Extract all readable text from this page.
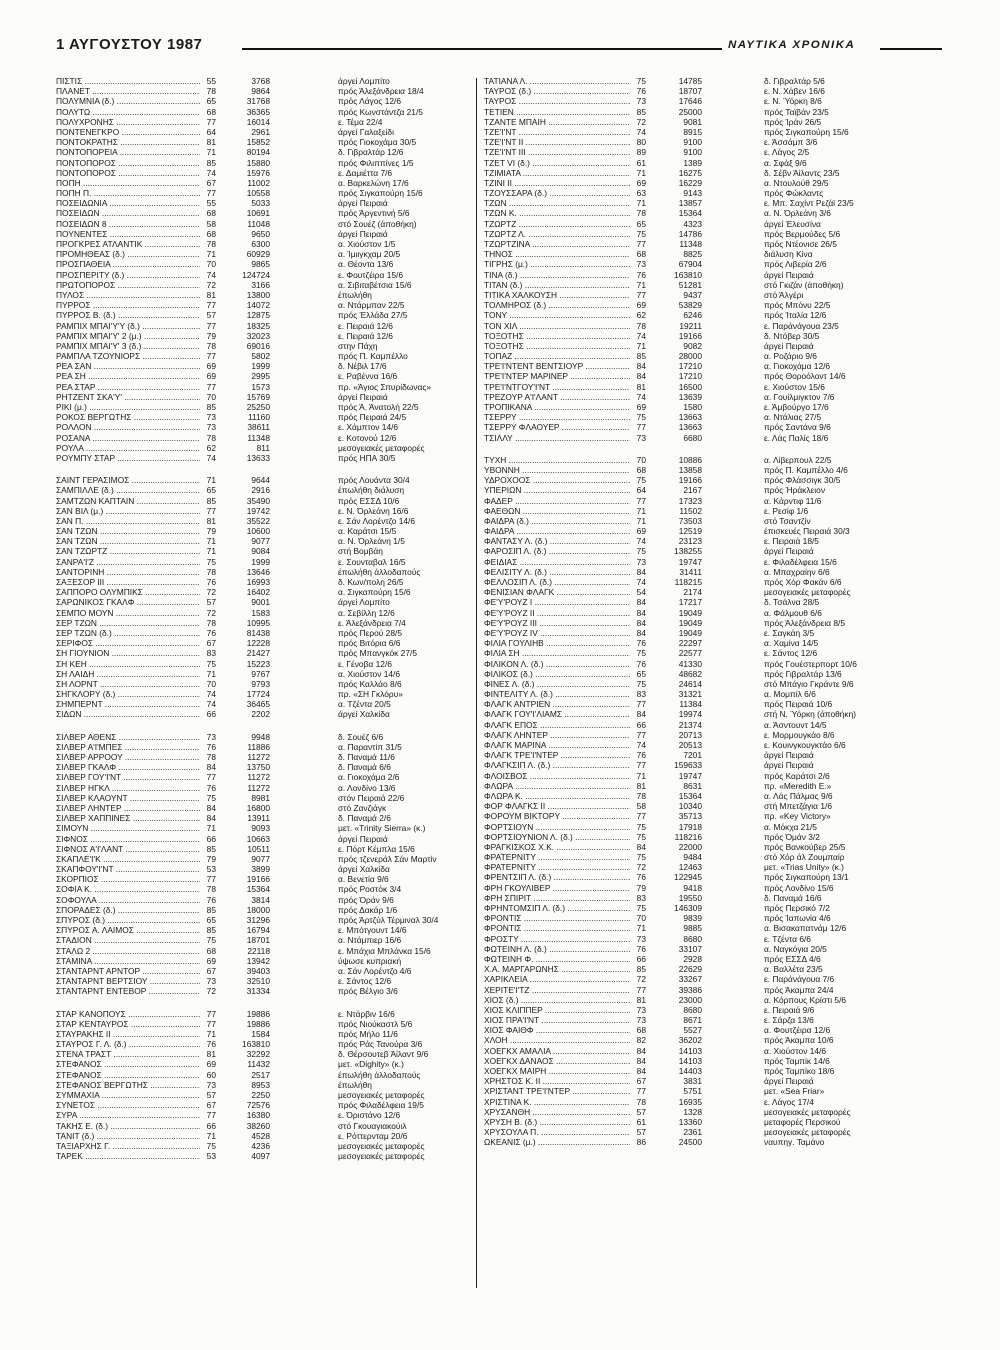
1 ΑΥΓΟΥΣΤΟΥ 1987	ΝΑΥΤΙΚΑ ΧΡΟΝΙΚΑ
ΠΙΣΤΙΣ .....	55	3768	άργεί Λομπίτο
ΠΛΑΝΕΤ .....	78	9864	πρός Άλεξάνδρεια 18/4
ΠΟΛΥΜΝΙΑ (δ.) .....	65	31768	πρός Λάγος 12/6
ΠΟΛΥΤΩ .....	68	36365	πρός Κωνστάντζα 21/5
ΠΟΛΥΧΡΟΝΗΣ .....	77	16014	ε. Τέμα 22/4
ΠΟΝΤΕΝΕΓΚΡΟ .....	64	2961	άργεί Γαλαξείδι
ΠΟΝΤΟΚΡΑΤΗΣ .....	81	15852	πρός Γιοκοχάμα 30/5
ΠΟΝΤΟΠΟΡΕΙΑ .....	71	80194	δ. Γιβραλτάρ 12/6
ΠΟΝΤΟΠΟΡΟΣ .....	85	15880	πρός Φιλιππίνες 1/5
ΠΟΝΤΟΠΟΡΟΣ .....	74	15976	ε. Δαμιέττα 7/6
ΠΟΠΗ .....	67	11002	α. Βαρκελώνη 17/6
ΠΟΠΗ Π. .....	77	10558	πρός Σιγκαπούρη 15/6
ΠΟΣΕΙΔΩΝΙΑ .....	55	5033	άργεί Πειραιά
ΠΟΣΕΙΔΩΝ .....	68	10691	πρός Άργεντινή 5/6
ΠΟΣΕΙΔΩΝ 8 .....	58	11048	στό Σουέζ (άποθήκη)
ΠΟΥΝΕΝΤΕΣ .....	68	9650	άργεί Πειραιά
ΠΡΟΓΚΡΕΣ ΑΤΛΑΝΤΙΚ .....	78	6300	α. Χιούστον 1/5
ΠΡΟΜΗΘΕΑΣ (δ.) .....	71	60929	α. Ίμιιγκχαμ 20/5
ΠΡΟΣΠΑΘΕΙΑ .....	70	9865	α. Θέοντα 13/6
ΠΡΟΣΠΕΡΙΤΥ (δ.) .....	74	124724	ε. Φουτζέιρα 15/6
ΠΡΩΤΟΠΟΡΟΣ .....	72	3166	α. Σιβιταβέτσια 15/6
ΠΥΛΟΣ .....	81	13800	έπωλήθη
ΠΥΡΡΟΣ .....	77	14072	α. Ντάρμπαν 22/5
ΠΥΡΡΟΣ Β. (δ.) .....	57	12875	πρός Έλλάδα 27/5
ΡΑΜΠΙΧ ΜΠΑΙ'Υ'Υ (δ.) .....	77	18325	ε. Πειραιά 12/6
ΡΑΜΠΙΧ ΜΠΑΙ'Υ' 2 (μ.) .....	79	32023	ε. Πειραιά 12/6
ΡΑΜΠΙΧ ΜΠΑΙ'Υ' 3 (δ.) .....	78	69016	στην Πάχη
ΡΑΜΠΛΑ ΤΖΟΥΝΙΟΡΣ .....	77	5802	πρός Π. Καμπέλλο
ΡΕΑ ΣΑΝ .....	69	1999	δ. Νέβιλ 17/6
ΡΕΑ ΣΗ .....	69	2995	ε. Ραβέννα 16/6
ΡΕΑ ΣΤΑΡ .....	77	1573	πρ. «Άγιος Σπυρίδωνας»
ΡΗΤΖΕΝΤ ΣΚΑ'Υ' .....	70	15769	άργεί Πειραιά
ΡΙΚΙ (μ.) .....	85	25250	πρός Ά. Άνατολή 22/5
ΡΟΚΟΣ ΒΕΡΓΩΤΗΣ .....	73	11160	πρός Πειραιά 24/5
ΡΟΛΛΟΝ .....	73	38611	ε. Χάμπτον 14/6
ΡΟΣΑΝΑ .....	78	11348	ε. Κοτονού 12/6
ΡΟΥΛΑ .....	62	811	μεσογειακές μεταφορές
ΡΟΥΜΠΥ ΣΤΑΡ .....	74	13633	πρός ΗΠΑ 30/5
ΣΑΙΝΤ ΓΕΡΑΣΙΜΟΣ .....	71	9644	πρός Λουάντα 30/4
ΣΑΜΠΙΛΛΕ (δ.) .....	65	2916	έπωλήθη διάλυση
ΣΑΜΤΖΩΝ ΚΑΠΤΑΙΝ .....	85	35490	πρός ΕΣΣΔ 10/6
ΣΑΝ ΒΙΛ (μ.) .....	77	19742	ε. Ν. Όρλεάνη 16/6
ΣΑΝ Π. .....	81	35522	ε. Σάν Λορέντζο 14/6
ΣΑΝ ΤΖΩΝ .....	79	10600	α. Καράτσι 15/5
ΣΑΝ ΤΖΩΝ .....	71	9077	α. Ν. Όρλεάνη 1/5
ΣΑΝ ΤΖΩΡΤΖ .....	71	9084	στή Βομβάη
ΣΑΝΡΑ'Ι'Ζ .....	75	1999	ε. Σουνταβαλ 16/5
ΣΑΝΤΟΡΙΝΗ .....	78	13646	έπωλήθη άλλοδαπούς
ΣΑΞΕΣΟΡ ΙΙΙ .....	76	16993	δ. Κων/πολη 26/5
ΣΑΠΠΟΡΟ ΟΛΥΜΠΙΚΣ .....	72	16402	α. Σιγκαπούρη 15/6
ΣΑΡΩΝΙΚΟΣ ΓΚΑΛΦ .....	57	9001	άργεί Λομπίτο
ΣΕΜΠΟ ΜΟΥΝ .....	72	1583	α. Σεβίλλη 12/6
ΣΕΡ ΤΖΩΝ .....	78	10995	ε. Άλεξάνδρεια 7/4
ΣΕΡ ΤΖΩΝ (δ.) .....	76	81438	πρός Περού 28/5
ΣΕΡΙΦΟΣ .....	67	12228	πρός Βιτόρια 6/6
ΣΗ ΓΙΟΥΝΙΟΝ .....	83	21427	πρός Μπανγκόκ 27/5
ΣΗ ΚΕΗ .....	75	15223	ε. Γένοβα 12/6
ΣΗ ΛΑΙΔΗ .....	71	9767	α. Χιούστον 14/6
ΣΗ ΛΟΡΝΤ .....	70	9793	πρός Καλλάο 8/6
ΣΗΓΚΛΟΡΥ (δ.) .....	74	17724	πρ. «ΣΗ Γκλόρυ»
ΣΗΜΠΕΡΝΤ .....	74	36465	α. Τζέντα 20/5
ΣΙΔΩΝ .....	66	2202	άργεί Χαλκίδα
ΣΙΛΒΕΡ ΑΘΕΝΣ .....	73	9948	δ. Σουέζ 6/6
ΣΙΛΒΕΡ Α'Ι'ΜΠΕΣ .....	76	11886	α. Παραντίπ 31/5
ΣΙΛΒΕΡ ΑΡΡΟΟΥ .....	78	11272	δ. Παναμά 11/6
ΣΙΛΒΕΡ ΓΚΑΛΦ .....	84	13750	δ. Παναμά 6/6
ΣΙΛΒΕΡ ΓΟΥ'Ι'ΝΤ .....	77	11272	α. Γιοκοχάμα 2/6
ΣΙΛΒΕΡ ΗΓΚΛ .....	76	11272	α. Λονδίνο 13/6
ΣΙΛΒΕΡ ΚΛΑΟΥΝΤ .....	75	8981	στόν Πειραιά 22/6
ΣΙΛΒΕΡ ΛΗΝΤΕΡ .....	84	16800	στό Ζανζιάγκ
ΣΙΛΒΕΡ ΧΑΠΠΙΝΕΣ .....	84	13911	δ. Παναμά 2/6
ΣΙΜΟΥΝ .....	71	9093	μετ. «Trinity Sierra» (κ.)
ΣΙΦΝΟΣ .....	66	10663	άργεί Πειραιά
ΣΙΦΝΟΣ Α'Ι'ΛΑΝΤ .....	85	10511	ε. Πόρτ Κέμπλα 15/6
ΣΚΑΠΛΕ'Ι'Κ .....	79	9077	πρός τζενεράλ Σάν Μαρτίν
ΣΚΑΠΦΟΥ'Ι'ΝΤ .....	53	3899	άργεί Χαλκίδα
ΣΚΟΡΠΙΟΣ .....	77	19166	α. Βενετία 9/6
ΣΟΦΙΑ Κ. .....	78	15364	πρός Ροστόκ 3/4
ΣΟΦΟΥΛΑ .....	76	3814	πρός Όράν 9/6
ΣΠΟΡΑΔΕΣ (δ.) .....	85	18000	πρός Δακάρ 1/6
ΣΠΥΡΟΣ (δ.) .....	65	31296	πρός Άρτζύλ Τέρμιναλ 30/4
ΣΠΥΡΟΣ Α. ΛΑΙΜΟΣ .....	85	16794	ε. Μπότγουντ 14/6
ΣΤΑΔΙΟΝ .....	75	18701	α. Ντάμπιερ 16/6
ΣΤΑΛΩ 2 .....	68	22118	ε. Μπάχια Μπλάνκα 15/6
ΣΤΑΜΙΝΑ .....	69	13942	ύψωσε κυπριακή
ΣΤΑΝΤΑΡΝΤ ΑΡΝΤΟΡ .....	67	39403	α. Σάν Λορέντζο 4/6
ΣΤΑΝΤΑΡΝΤ ΒΕΡΤΣΙΟΥ .....	73	32510	ε. Σάντος 12/6
ΣΤΑΝΤΑΡΝΤ ΕΝΤΕΒΟΡ .....	72	31334	πρός Βέλγιο 3/6
ΣΤΑΡ ΚΑΝΟΠΟΥΣ .....	77	19886	ε. Ντάρβιν 16/6
ΣΤΑΡ ΚΕΝΤΑΥΡΟΣ .....	77	19886	πρός Νιούκαστλ 5/6
ΣΤΑΥΡΑΚΗΣ ΙΙ .....	71	1584	πρός Μήλο 11/6
ΣΤΑΥΡΟΣ Γ. Λ. (δ.) .....	76	163810	πρός Ράς Τανούρα 3/6
ΣΤΕΝΑ ΤΡΑΣΤ .....	81	32292	δ. Θέρσουτεβ Άίλαντ 9/6
ΣΤΕΦΑΝΟΣ .....	69	11432	μετ. «Dighity» (κ.)
ΣΤΕΦΑΝΟΣ .....	60	2517	έπωλήθη άλλοδαπούς
ΣΤΕΦΑΝΟΣ ΒΕΡΓΩΤΗΣ .....	73	8953	έπωλήθη
ΣΥΜΜΑΧΙΑ .....	57	2250	μεσογειακές μεταφορές
ΣΥΝΕΤΟΣ .....	67	72576	πρός Φιλαδέλφεια 19/5
ΣΥΡΑ .....	77	16380	ε. Όριστάνο 12/6
ΤΑΚΗΣ Ε. (δ.) .....	66	38260	στό Γκουαγιακούιλ
ΤΑΝΙΤ (δ.) .....	71	4528	ε. Ρόττερνταμ 20/6
ΤΑΞΙΑΡΧΗΣ Γ. .....	75	4236	μεσογειακές μεταφορές
ΤΑΡΕΚ .....	53	4097	μεσογειακές μεταφορές
ΤΑΤΙΑΝΑ Λ. .....	75	14785	δ. Γιβραλτάρ 5/6
ΤΑΥΡΟΣ (δ.) .....	76	18707	ε. Ν. Χάβεν 16/6
ΤΑΥΡΟΣ .....	73	17646	ε. Ν. Ύόρκη 8/6
ΤΕΤΙΕΝ .....	85	25000	πρός Ταϊβάν 23/5
ΤΖΑΝΤΕ ΜΠΑΙΗ .....	72	9081	πρός Ίράν 26/5
ΤΖΕ'Ι'ΝΤ .....	74	8915	πρός Σιγκαπούρη 15/6
ΤΖΕ'Ι'ΝΤ ΙΙ .....	80	9100	ε. Άσσάμπ 3/6
ΤΖΕ'Ι'ΝΤ ΙΙΙ .....	89	9100	ε. Λάγος 2/5
ΤΖΕΤ VI (δ.) .....	61	1389	α. Σφάξ 9/6
ΤΖΙΜΙΑΤΑ .....	71	16275	δ. Σέβν Άίλαντς 23/5
ΤΖΙΝΙ ΙΙ .....	69	16229	α. Ντουλούθ 29/5
ΤΖΟΥΣΣΑΡΑ (δ.) .....	63	9143	πρός Φώκλαντς
ΤΖΩΝ .....	71	13857	ε. Μπ. Σαχίντ Ρεζάϊ 23/5
ΤΖΩΝ Κ. .....	78	15364	α. Ν. Όρλεάνη 3/6
ΤΖΩΡΤΖ .....	65	4323	άργεί Έλευσίνα
ΤΖΩΡΤΖ Λ. .....	75	14786	πρός Βερμούδες 5/6
ΤΖΩΡΤΖΙΝΑ .....	77	11348	πρός Ντέονισε 26/5
ΤΗΝΟΣ .....	68	8825	διάλυση Κίνα
ΤΙΓΡΗΣ (μ.) .....	73	67904	πρός Λιβερία 2/6
ΤΙΝΑ (δ.) .....	76	163810	άργεί Πειραιά
ΤΙΤΑΝ (δ.) .....	71	51281	στό Γκιζάν (άποθήκη)
ΤΙΤΙΚΑ ΧΑΛΚΟΥΣΗ .....	77	9437	στό Άλγέρι
ΤΟΛΜΗΡΟΣ (δ.) .....	69	53829	πρός Μπόνυ 22/5
ΤΟΝΥ .....	62	6246	πρός Ίταλία 12/6
ΤΟΝ ΧΙΛ .....	78	19211	ε. Παράνάγουα 23/5
ΤΟΞΟΤΗΣ .....	74	19166	δ. Ντόβερ 30/5
ΤΟΞΟΤΗΣ .....	71	9082	άργεί Πειραιά
ΤΟΠΑΖ .....	85	28000	α. Ροζάριο 9/6
ΤΡΕ'Ι'ΝΤΕΝΤ ΒΕΝΤΣΙΟΥΡ .....	84	17210	α. Γιοκοχάμα 12/6
ΤΡΕ'Ι'ΝΤΕΡ ΜΑΡΙΝΕΡ .....	84	17210	πρός Θοροόλοντ 14/6
ΤΡΕ'Ι'ΝΤΓΟΥ'Ι'ΝΤ .....	81	16500	ε. Χιούστον 15/6
ΤΡΕΖΟΥΡ Α'Ι'ΛΑΝΤ .....	74	13639	α. Γουίλμιγκτον 7/6
ΤΡΟΠΙΚΑΝΑ .....	69	1580	ε. Άμβούργο 17/6
ΤΣΕΡΡΥ .....	75	13663	α. Ντάλιας 27/5
ΤΣΕΡΡΥ ΦΛΑΟΥΕΡ .....	77	13663	πρός Σαντάνα 9/6
ΤΣΙΛΛΥ .....	73	6680	ε. Λάς Παλίς 18/6
ΤΥΧΗ .....	70	10886	α. Λίβερπουλ 22/5
ΥΒΟΝΝΗ .....	68	13858	πρός Π. Καμπέλλο 4/6
ΥΔΡΟΧΟΟΣ .....	75	19166	πρός Φλάσσιγκ 30/5
ΥΠΕΡΙΩΝ .....	64	2167	πρός Ήράκλειον
ΦΑΔΕΡ .....	77	17323	α. Κάρντιφ 11/6
ΦΑΕΘΩΝ .....	71	11502	ε. Ρεσίφ 1/6
ΦΑΙΔΡΑ (δ.) .....	71	73503	στό Τσαντζίν
ΦΑΙΔΡΑ .....	69	12519	έπισκευές Πειραιά 30/3
ΦΑΝΤΑΣΥ Λ. (δ.) .....	74	23123	ε. Πειραιά 18/5
ΦΑΡΟΣΙΠ Λ. (δ.) .....	75	138255	άργεί Πειραιά
ΦΕΙΔΙΑΣ .....	73	19747	ε. Φιλαδέλφεια 15/6
ΦΕΛΙΣΙΤΥ Λ. (δ.) .....	84	31411	α. Μπαχραίην 6/6
ΦΕΛΛΟΣΙΠ Λ. (δ.) .....	74	118215	πρός Χόρ Φακάν 6/6
ΦΕΝΙΣΙΑΝ ΦΛΑΓΚ .....	54	2174	μεσογειακές μεταφορές
ΦΕ'Υ'ΡΟΥΖ Ι .....	84	17217	δ. Τσάλνα 28/5
ΦΕ'Υ'ΡΟΥΖ ΙΙ .....	84	19049	α. Φάλμουθ 6/6
ΦΕ'Υ'ΡΟΥΖ ΙΙΙ .....	84	19049	πρός Άλεξάνδρεια 8/5
ΦΕ'Υ'ΡΟΥΖ IV .....	84	19049	ε. Σαγκάη 3/5
ΦΙΛΙΑ ΓΟΥΛΙΗΒ .....	76	22297	α. Χαμίνα 14/5
ΦΙΛΙΑ ΣΗ .....	75	22577	ε. Σάντος 12/6
ΦΙΛΙΚΟΝ Λ. (δ.) .....	76	41330	πρός Γουέστερπορτ 10/6
ΦΙΛΙΚΟΣ (δ.) .....	65	48682	πρός Γιβραλτάρ 13/6
ΦΙΝΕΣ Λ. (δ.) .....	75	24614	στό Μπάγιο Γκράντε 9/6
ΦΙΝΤΕΛΙΤΥ Λ. (δ.) .....	83	31321	α. Μομπίλ 6/6
ΦΛΑΓΚ ΑΝΤΡΙΕΝ .....	77	11384	πρός Πειραιά 10/6
ΦΛΑΓΚ ΓΟΥ'Ι'ΛΙΑΜΣ .....	84	19974	στή Ν. Ύόρκη (άποθήκη)
ΦΛΑΓΚ ΕΠΟΣ .....	66	21374	α. Άσντουντ 14/5
ΦΛΑΓΚ ΛΗΝΤΕΡ .....	77	20713	ε. Μορμουγκάο 8/6
ΦΛΑΓΚ ΜΑΡΙΝΑ .....	74	20513	ε. Κουινγκουγκτάο 6/6
ΦΛΑΓΚ ΤΡΕ'Ι'ΝΤΕΡ .....	76	7201	άργεί Πειραιά
ΦΛΑΓΚΣΙΠ Λ. (δ.) .....	77	159633	άργεί Πειραιά
ΦΛΟΙΣΒΟΣ .....	71	19747	πρός Καράτσι 2/6
ΦΛΩΡΑ .....	81	8631	πρ. «Meredith E.»
ΦΛΩΡΑ Κ. .....	78	15364	α. Λάς Πάλμας 9/6
ΦΟΡ ΦΛΑΓΚΣ ΙΙ .....	58	10340	στή Μπετζάγια 1/6
ΦΟΡΟΥΜ ΒΙΚΤΟΡΥ .....	77	35713	πρ. «Key Victory»
ΦΟΡΤΣΙΟΥΝ .....	75	17918	α. Μόκχα 21/5
ΦΟΡΤΣΙΟΥΝΙΟΝ Λ. (δ.) .....	75	118216	πρός Όμάν 3/2
ΦΡΑΓΚΙΣΚΟΣ Χ.Κ. .....	84	22000	πρός Βανκούβερ 25/5
ΦΡΑΤΕΡΝΙΤΥ .....	75	9484	στό Χόρ άλ Ζουμπαίρ
ΦΡΑΤΕΡΝΙΤΥ .....	72	12463	μετ. «Trias Unity» (κ.)
ΦΡΕΝΤΣΙΠ Λ. (δ.) .....	76	122945	πρός Σιγκαπούρη 13/1
ΦΡΗ ΓΚΟΥΛΙΒΕΡ .....	79	9418	πρός Λονδίνο 15/6
ΦΡΗ ΣΠΙΡΙΤ .....	83	19550	δ. Παναμά 16/6
ΦΡΗΝΤΟΜΣΙΠ Λ. (δ.) .....	75	146309	πρός Περσικό 7/2
ΦΡΟΝΤΙΣ .....	70	9839	πρός Ίαπωνία 4/6
ΦΡΟΝΤΙΣ .....	71	9885	α. Βισακαπατνάμ 12/6
ΦΡΟΣΤΥ .....	73	8680	ε. Τζέντα 6/6
ΦΩΤΕΙΝΗ Λ. (δ.) .....	76	33107	α. Ναγκόγια 20/5
ΦΩΤΕΙΝΗ Φ. .....	66	2928	πρός ΕΣΣΔ 4/6
Χ.Α. ΜΑΡΓΑΡΩΝΗΣ .....	85	22629	α. Βαλλέτα 23/5
ΧΑΡΙΚΛΕΙΑ .....	72	33267	ε. Παράνάγουα 7/6
ΧΕΡΙΤΕ'Ι'ΤΖ .....	77	39386	πρός Άκαμπα 24/4
ΧΙΟΣ (δ.) .....	81	23000	α. Κόρπους Κρίστι 5/6
ΧΙΟΣ ΚΛΙΠΠΕΡ .....	73	8680	ε. Πειραιά 9/6
ΧΙΟΣ ΠΡΑ'Ι'ΝΤ .....	73	8671	ε. Σάρζα 13/6
ΧΙΟΣ ΦΑΙΘΦ .....	68	5527	α. Φουτζέιρα 12/6
ΧΛΟΗ .....	82	36202	πρός Άκαμπα 10/6
ΧΟΕΓΚΧ ΑΜΑΛΙΑ .....	84	14103	α. Χιούστον 14/6
ΧΟΕΓΚΧ ΔΑΝΑΟΣ .....	84	14103	πρός Ταμπίκ 14/6
ΧΟΕΓΚΧ ΜΑΙΡΗ .....	84	14403	πρός Ταμπίκο 18/6
ΧΡΗΣΤΟΣ Κ. ΙΙ .....	67	3831	άργεί Πειραιά
ΧΡΙΣΤΑΝΤ ΤΡΕ'Ι'ΝΤΕΡ .....	77	5751	μετ. «Sea Friar»
ΧΡΙΣΤΙΝΑ Κ. .....	78	16935	ε. Λάγος 17/4
ΧΡΥΣΑΝΘΗ .....	57	1328	μεσογειακές μεταφορές
ΧΡΥΣΗ Β. (δ.) .....	61	13360	μεταφορές Περσικού
ΧΡΥΣΟΥΛΑ Π. .....	57	2361	μεσογειακές μεταφορές
ΩΚΕΑΝΙΣ (μ.) .....	86	24500	ναυπηγ. Ταμάνο
